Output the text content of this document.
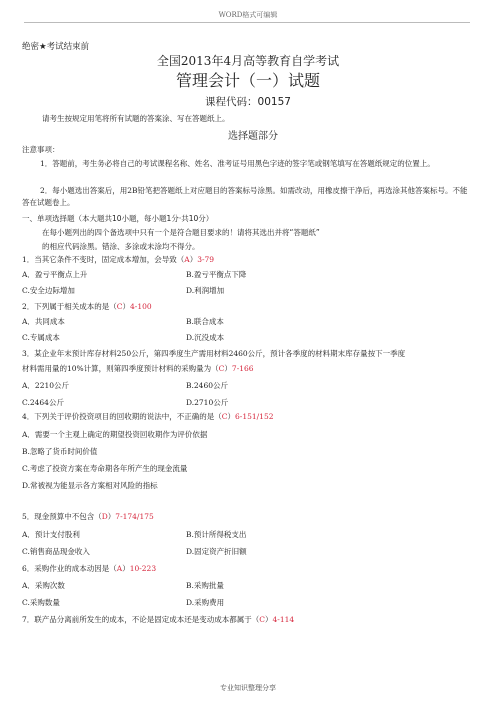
WORD格式可编辑
绝密★考试结束前
全国2013年4月高等教育自学考试
管理会计（一）试题
课程代码：00157
请考生按规定用笔将所有试题的答案涂、写在答题纸上。
选择题部分
注意事项：
1．答题前，考生务必将自己的考试课程名称、姓名、准考证号用黑色字迹的签字笔或钢笔填写在答题纸规定的位置上。
2．每小题选出答案后，用2B铅笔把答题纸上对应题目的答案标号涂黑。如需改动，用橡皮擦干净后，再选涂其他答案标号。不能答在试题卷上。
一、单项选择题（本大题共10小题，每小题1分·共10分）
在每小题列出的四个备选项中只有一个是符合题目要求的！请将其选出并将“答题纸”
的相应代码涂黑。错涂、多涂或未涂均不得分。
1．当其它条件不变时，固定成本增加，会导致（A）3-79
A．盈亏平衡点上升	B.盈亏平衡点下降
C.安全边际增加	D.利润增加
2．下列属于相关成本的是（C）4-100
A．共同成本	B.联合成本
C.专属成本	D.沉没成本
3．某企业年末预计库存材料250公斤，第四季度生产需用材料2460公斤，预计各季度的材料期末库存量按下一季度
材料需用量的10%计算，则第四季度预计材料的采购量为（C）7-166
A．2210公斤	B.2460公斤
C.2464公斤	D.2710公斤
4．下列关于评价投资项目的回收期的说法中，不正确的是（C）6-151/152
A．需要一个主观上确定的期望投资回收期作为评价依据
B.忽略了货币时间价值
C.考虑了投资方案在寿命期各年所产生的现金流量
D.常被视为能显示各方案相对风险的指标
5．现金预算中不包含（D）7-174/175
A．预计支付股利	B.预计所得税支出
C.销售商品现金收入	D.固定资产折旧额
6．采购作业的成本动因是（A）10-223
A．采购次数	B.采购批量
C.采购数量	D.采购费用
7．联产品分离前所发生的成本，不论是固定成本还是变动成本都属于（C）4-114
专业知识整理分享
